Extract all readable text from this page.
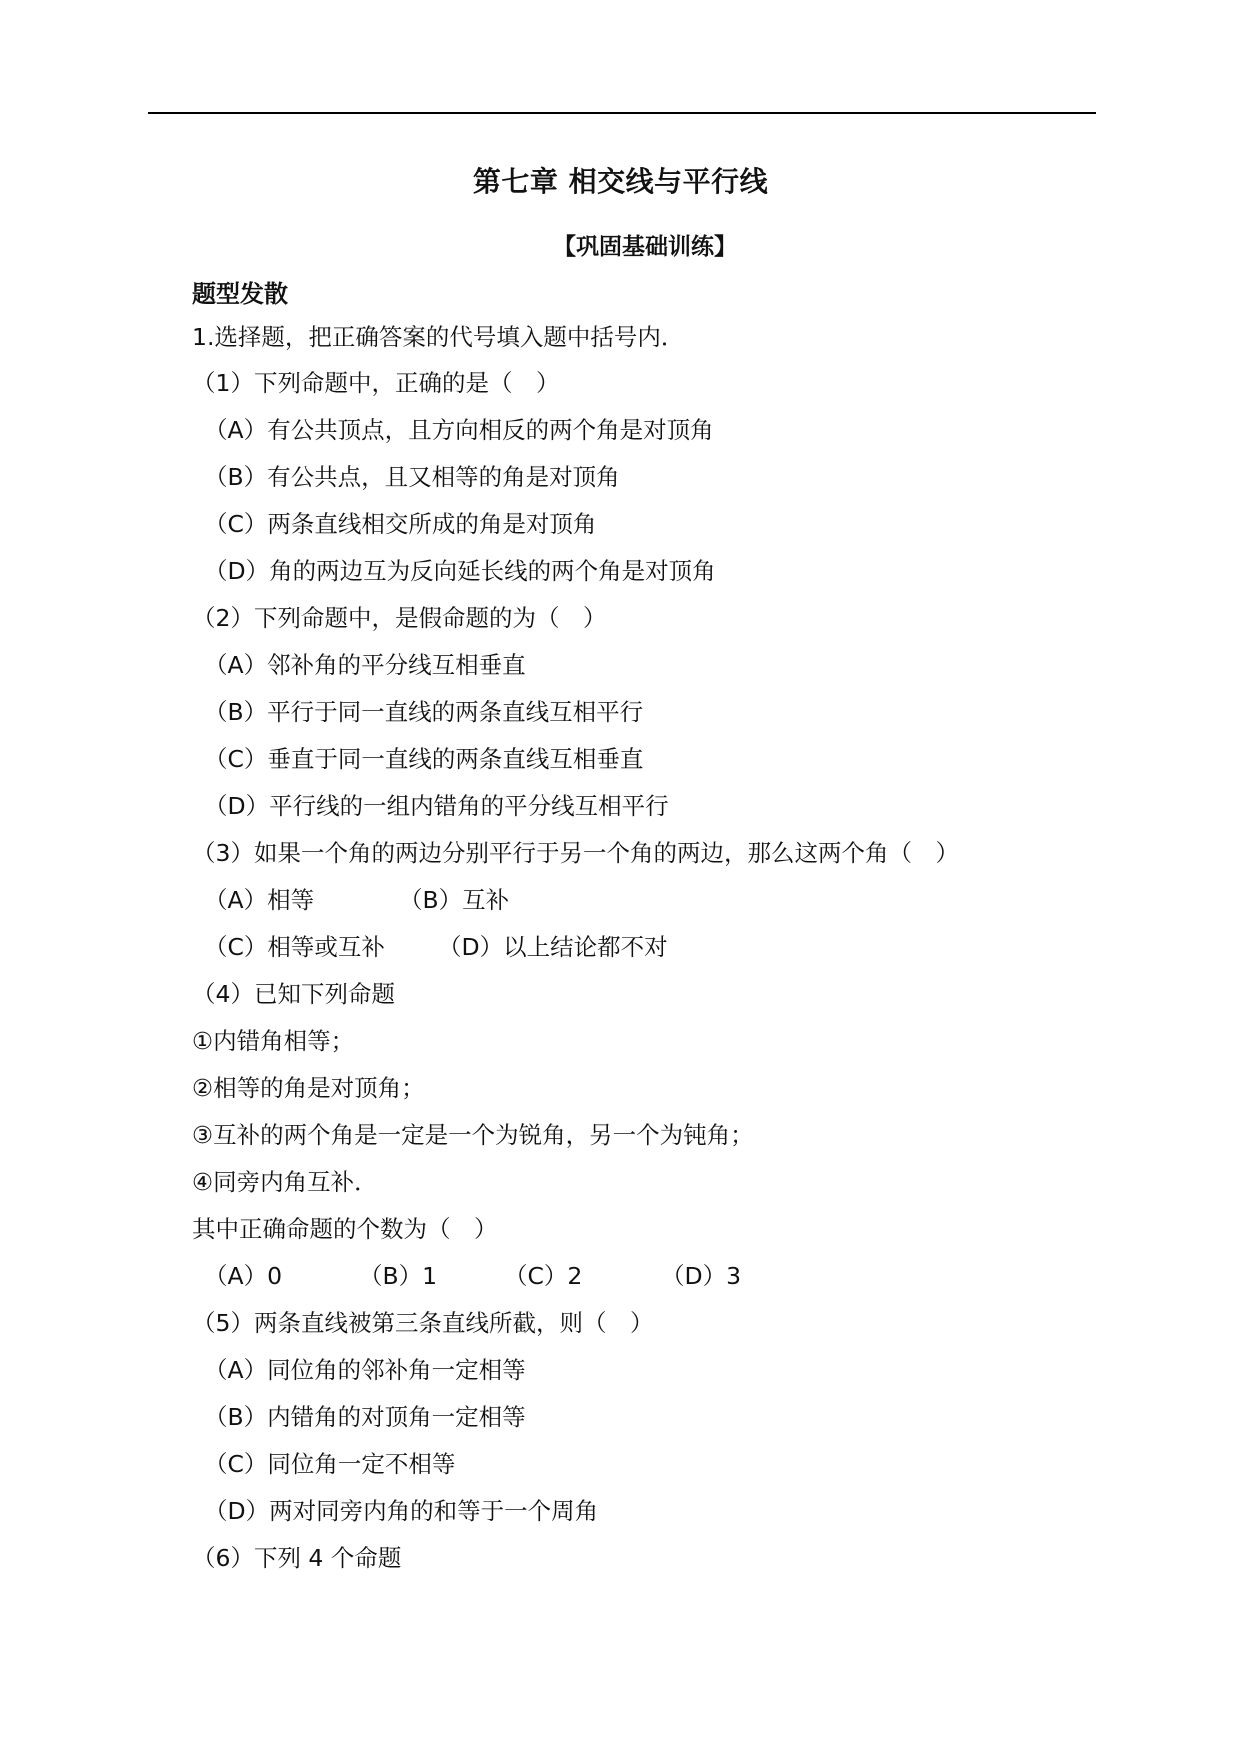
第七章 相交线与平行线
【巩固基础训练】
题型发散
1.选择题，把正确答案的代号填入题中括号内．
（1）下列命题中，正确的是（　）
（A）有公共顶点，且方向相反的两个角是对顶角
（B）有公共点，且又相等的角是对顶角
（C）两条直线相交所成的角是对顶角
（D）角的两边互为反向延长线的两个角是对顶角
（2）下列命题中，是假命题的为（　）
（A）邻补角的平分线互相垂直
（B）平行于同一直线的两条直线互相平行
（C）垂直于同一直线的两条直线互相垂直
（D）平行线的一组内错角的平分线互相平行
（3）如果一个角的两边分别平行于另一个角的两边，那么这两个角（　）
（A）相等	（B）互补
（C）相等或互补 （D）以上结论都不对
（4）已知下列命题
①内错角相等；
②相等的角是对顶角；
③互补的两个角是一定是一个为锐角，另一个为钝角；
④同旁内角互补．
其中正确命题的个数为（　）
（A）0	（B）1	（C）2	（D）3
（5）两条直线被第三条直线所截，则（　）
（A）同位角的邻补角一定相等
（B）内错角的对顶角一定相等
（C）同位角一定不相等
（D）两对同旁内角的和等于一个周角
（6）下列 4 个命题
